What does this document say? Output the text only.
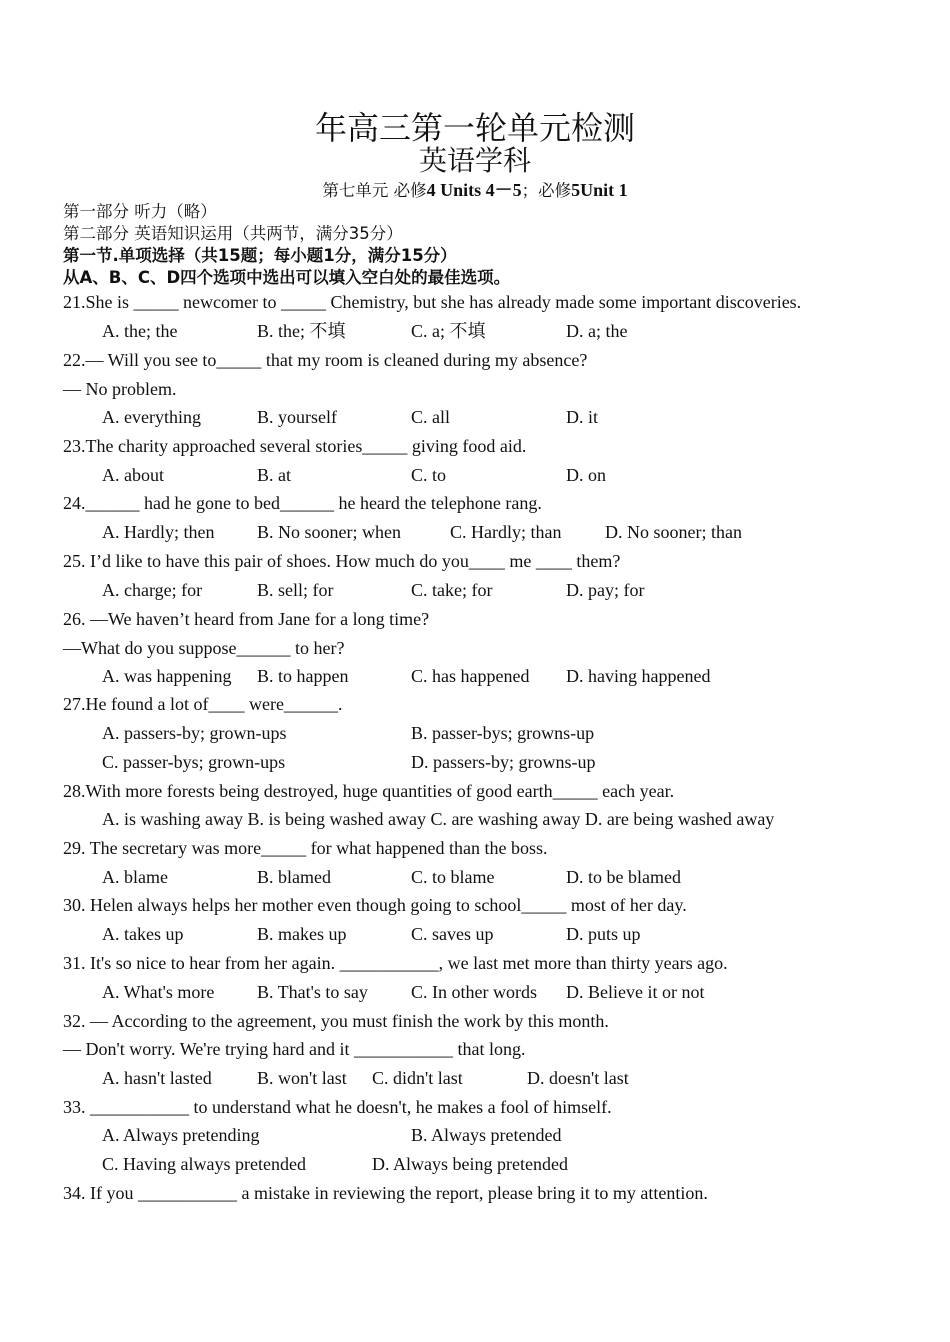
年高三第一轮单元检测
英语学科
第七单元 必修4 Units 4－5；必修5Unit 1
第一部分 听力（略）
第二部分 英语知识运用（共两节，满分35分）
第一节.单项选择（共15题；每小题1分，满分15分）
从A、B、C、D四个选项中选出可以填入空白处的最佳选项。
21.She is _____ newcomer to _____ Chemistry, but she has already made some important discoveries.
A. the; the	B. the; 不填	C. a; 不填	D. a; the
22.— Will you see to_____ that my room is cleaned during my absence?
— No problem.
A. everything	B. yourself	C. all	D. it
23.The charity approached several stories_____ giving food aid.
A. about	B. at	C. to	D. on
24.______ had he gone to bed______ he heard the telephone rang.
A. Hardly; then B. No sooner; when	C. Hardly; than D. No sooner; than
25. I’d like to have this pair of shoes. How much do you____ me ____ them?
A. charge; for	B. sell; for	C. take; for	D. pay; for
26. —We haven’t heard from Jane for a long time?
—What do you suppose______ to her?
A. was happening B. to happen	C. has happened D. having happened
27.He found a lot of____ were______.
A. passers-by; grown-ups	B. passer-bys; growns-up
C. passer-bys; grown-ups	D. passers-by; growns-up
28.With more forests being destroyed, huge quantities of good earth_____ each year.
A. is washing away B. is being washed away C. are washing away D. are being washed away
29. The secretary was more_____ for what happened than the boss.
A. blame	B. blamed	C. to blame	D. to be blamed
30. Helen always helps her mother even though going to school_____ most of her day.
A. takes up	B. makes up	C. saves up	D. puts up
31. It's so nice to hear from her again. ___________, we last met more than thirty years ago.
A. What's more B. That's to say C. In other words D. Believe it or not
32. — According to the agreement, you must finish the work by this month.
— Don't worry. We're trying hard and it ___________ that long.
A. hasn't lasted	B. won't last C. didn't last	D. doesn't last
33. ___________ to understand what he doesn't, he makes a fool of himself.
A. Always pretending	B. Always pretended
C. Having always pretended	D. Always being pretended
34. If you ___________ a mistake in reviewing the report, please bring it to my attention.
